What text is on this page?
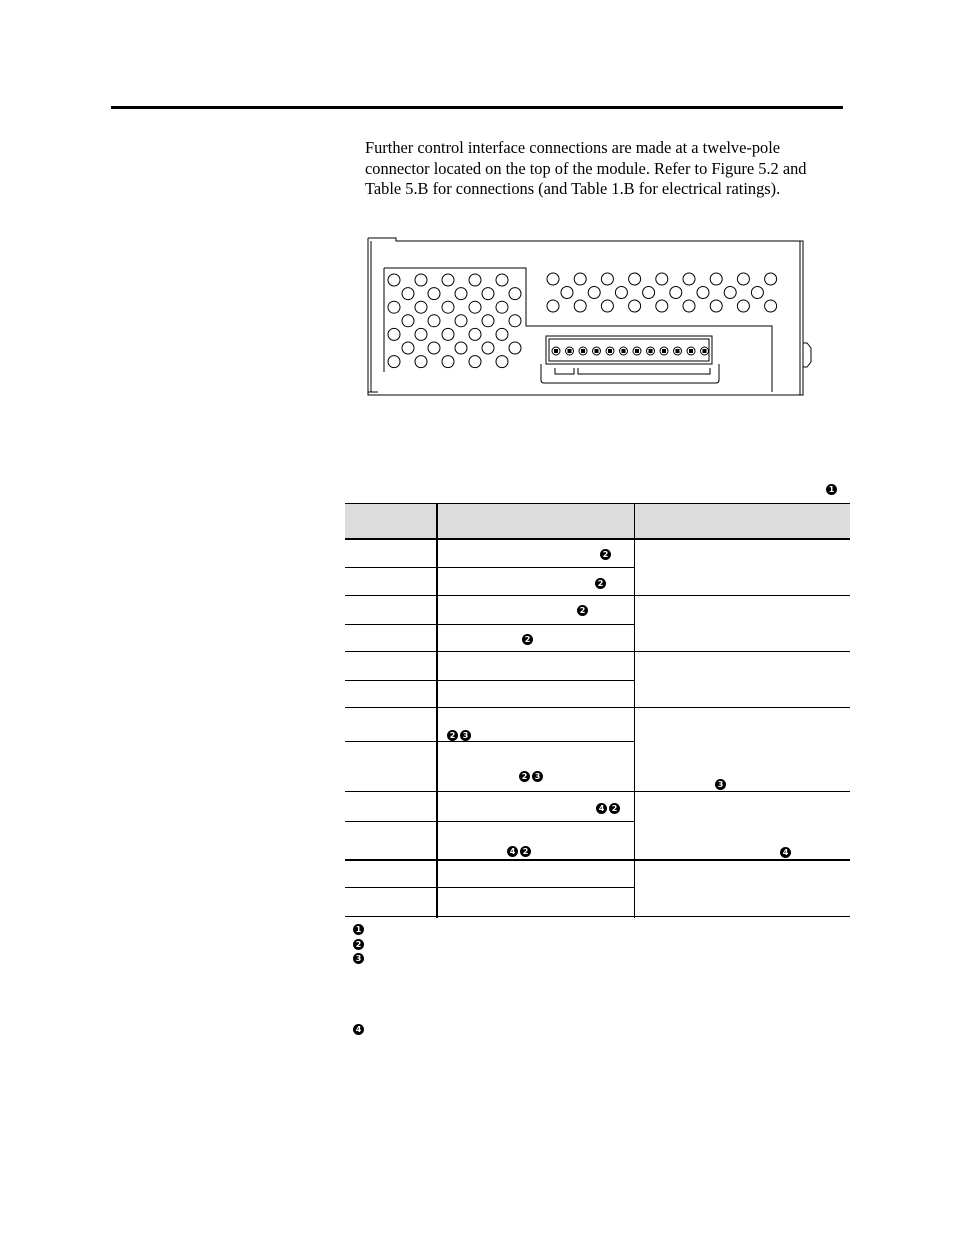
Further control interface connections are made at a twelve-pole
connector located on the top of the module. Refer to Figure 5.2 and
Table 5.B for connections (and Table 1.B for electrical ratings).

1
2
2
2
2
2 3
2 3
4 2
4 2
3
4
1
2
3
4
